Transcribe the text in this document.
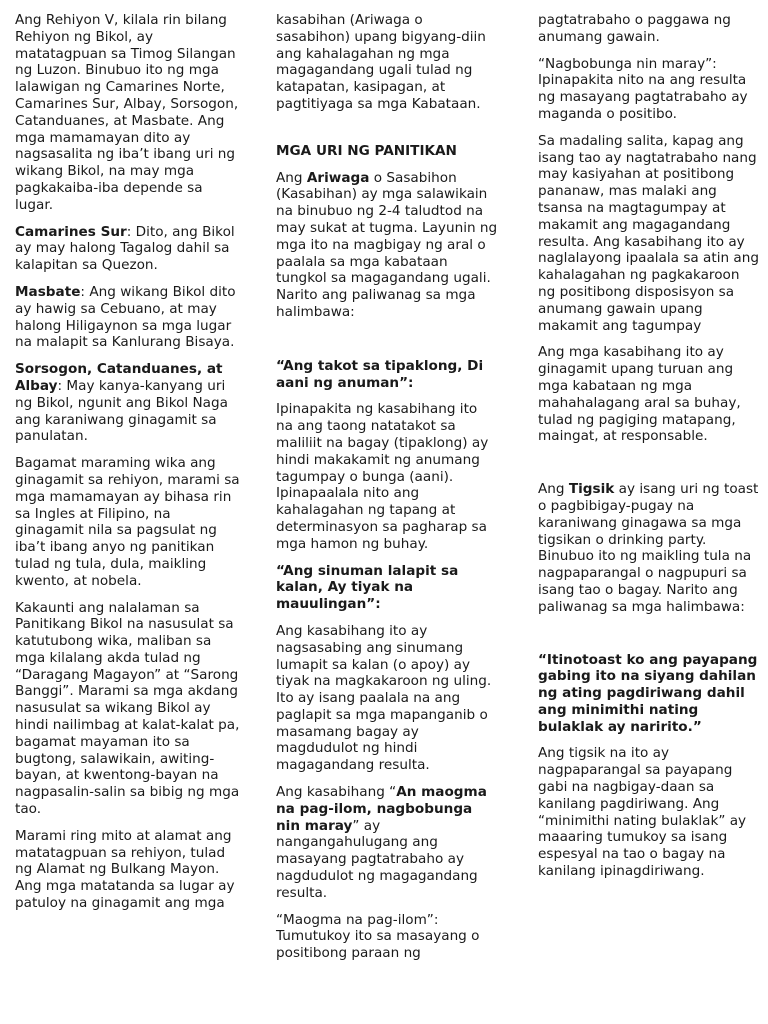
Ang Rehiyon V, kilala rin bilang Rehiyon ng Bikol, ay matatagpuan sa Timog Silangan ng Luzon. Binubuo ito ng mga lalawigan ng Camarines Norte, Camarines Sur, Albay, Sorsogon, Catanduanes, at Masbate. Ang mga mamamayan dito ay nagsasalita ng iba’t ibang uri ng wikang Bikol, na may mga pagkakaiba-iba depende sa lugar.

Camarines Sur: Dito, ang Bikol ay may halong Tagalog dahil sa kalapitan sa Quezon.

Masbate: Ang wikang Bikol dito ay hawig sa Cebuano, at may halong Hiligaynon sa mga lugar na malapit sa Kanlurang Bisaya.

Sorsogon, Catanduanes, at Albay: May kanya-kanyang uri ng Bikol, ngunit ang Bikol Naga ang karaniwang ginagamit sa panulatan.

Bagamat maraming wika ang ginagamit sa rehiyon, marami sa mga mamamayan ay bihasa rin sa Ingles at Filipino, na ginagamit nila sa pagsulat ng iba’t ibang anyo ng panitikan tulad ng tula, dula, maikling kwento, at nobela.

Kakaunti ang nalalaman sa Panitikang Bikol na nasusulat sa katutubong wika, maliban sa mga kilalang akda tulad ng “Daragang Magayon” at “Sarong Banggi”. Marami sa mga akdang nasusulat sa wikang Bikol ay hindi nailimbag at kalat-kalat pa, bagamat mayaman ito sa bugtong, salawikain, awiting-bayan, at kwentong-bayan na nagpasalin-salin sa bibig ng mga tao.

Marami ring mito at alamat ang matatagpuan sa rehiyon, tulad ng Alamat ng Bulkang Mayon. Ang mga matatanda sa lugar ay patuloy na ginagamit ang mga

kasabihan (Ariwaga o sasabihon) upang bigyang-diin ang kahalagahan ng mga magagandang ugali tulad ng katapatan, kasipagan, at pagtitiyaga sa mga Kabataan.

MGA URI NG PANITIKAN

Ang Ariwaga o Sasabihon (Kasabihan) ay mga salawikain na binubuo ng 2-4 taludtod na may sukat at tugma. Layunin ng mga ito na magbigay ng aral o paalala sa mga kabataan tungkol sa magagandang ugali. Narito ang paliwanag sa mga halimbawa:

“Ang takot sa tipaklong, Di aani ng anuman”:

Ipinapakita ng kasabihang ito na ang taong natatakot sa maliliit na bagay (tipaklong) ay hindi makakamit ng anumang tagumpay o bunga (aani). Ipinapaalala nito ang kahalagahan ng tapang at determinasyon sa pagharap sa mga hamon ng buhay.

“Ang sinuman lalapit sa kalan, Ay tiyak na mauulingan”:

Ang kasabihang ito ay nagsasabing ang sinumang lumapit sa kalan (o apoy) ay tiyak na magkakaroon ng uling. Ito ay isang paalala na ang paglapit sa mga mapanganib o masamang bagay ay magdudulot ng hindi magagandang resulta.

Ang kasabihang “An maogma na pag-ilom, nagbobunga nin maray” ay nangangahulugang ang masayang pagtatrabaho ay nagdudulot ng magagandang resulta.

“Maogma na pag-ilom”: Tumutukoy ito sa masayang o positibong paraan ng

pagtatrabaho o paggawa ng anumang gawain.

“Nagbobunga nin maray”: Ipinapakita nito na ang resulta ng masayang pagtatrabaho ay maganda o positibo.

Sa madaling salita, kapag ang isang tao ay nagtatrabaho nang may kasiyahan at positibong pananaw, mas malaki ang tsansa na magtagumpay at makamit ang magagandang resulta. Ang kasabihang ito ay naglalayong ipaalala sa atin ang kahalagahan ng pagkakaroon ng positibong disposisyon sa anumang gawain upang makamit ang tagumpay

Ang mga kasabihang ito ay ginagamit upang turuan ang mga kabataan ng mga mahahalagang aral sa buhay, tulad ng pagiging matapang, maingat, at responsable.

Ang Tigsik ay isang uri ng toast o pagbibigay-pugay na karaniwang ginagawa sa mga tigsikan o drinking party. Binubuo ito ng maikling tula na nagpaparangal o nagpupuri sa isang tao o bagay. Narito ang paliwanag sa mga halimbawa:

“Itinotoast ko ang payapang gabing ito na siyang dahilan ng ating pagdiriwang dahil ang minimithi nating bulaklak ay naririto.”

Ang tigsik na ito ay nagpaparangal sa payapang gabi na nagbigay-daan sa kanilang pagdiriwang. Ang “minimithi nating bulaklak” ay maaaring tumukoy sa isang espesyal na tao o bagay na kanilang ipinagdiriwang.
